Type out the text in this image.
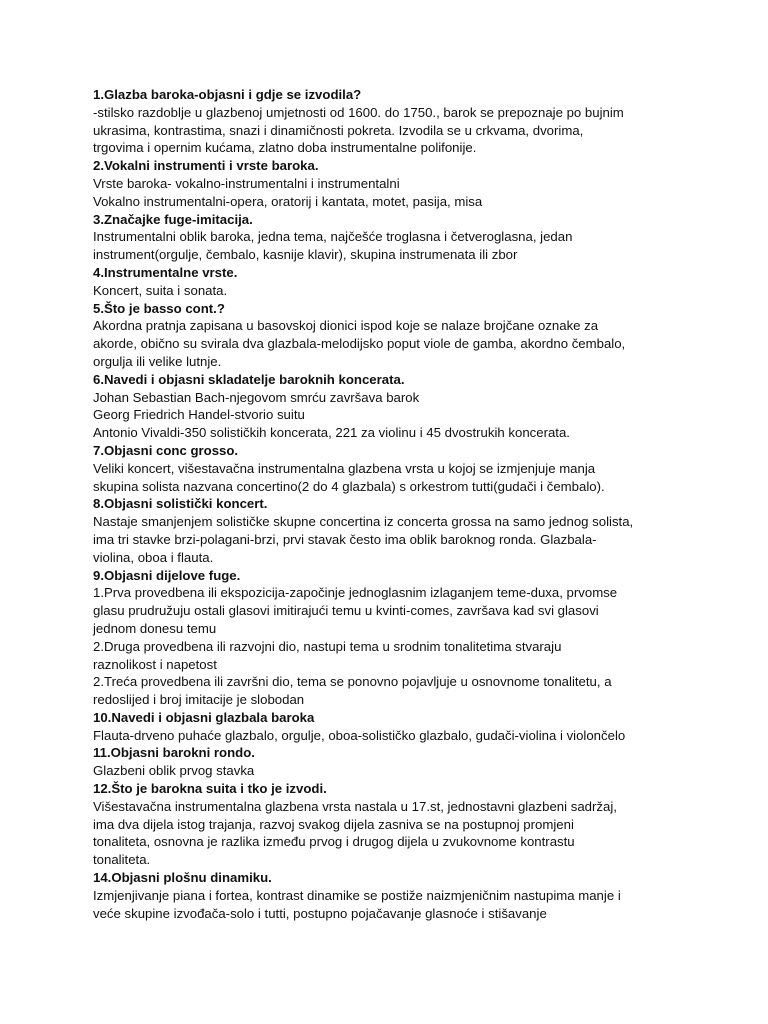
1.Glazba baroka-objasni i gdje se izvodila?
-stilsko razdoblje u glazbenoj umjetnosti od 1600. do 1750., barok se prepoznaje po bujnim
ukrasima, kontrastima, snazi i dinamičnosti pokreta. Izvodila se u crkvama, dvorima,
trgovima i opernim kućama, zlatno doba instrumentalne polifonije.
2.Vokalni instrumenti i vrste baroka.
Vrste baroka- vokalno-instrumentalni i instrumentalni
Vokalno instrumentalni-opera, oratorij i kantata, motet, pasija, misa
3.Značajke fuge-imitacija.
Instrumentalni oblik baroka, jedna tema, najčešće troglasna i četveroglasna, jedan
instrument(orgulje, čembalo, kasnije klavir), skupina instrumenata ili zbor
4.Instrumentalne vrste.
Koncert, suita i sonata.
5.Što je basso cont.?
Akordna pratnja zapisana u basovskoj dionici ispod koje se nalaze brojčane oznake za
akorde, obično su svirala dva glazbala-melodijsko poput viole de gamba, akordno čembalo,
orgulja ili velike lutnje.
6.Navedi i objasni skladatelje baroknih koncerata.
Johan Sebastian Bach-njegovom smrću završava barok
Georg Friedrich Handel-stvorio suitu
Antonio Vivaldi-350 solističkih koncerata, 221 za violinu i 45 dvostrukih koncerata.
7.Objasni conc grosso.
Veliki koncert, višestavačna instrumentalna glazbena vrsta u kojoj se izmjenjuje manja
skupina solista nazvana concertino(2 do 4 glazbala) s orkestrom tutti(gudači i čembalo).
8.Objasni solistički koncert.
Nastaje smanjenjem solističke skupne concertina iz concerta grossa na samo jednog solista,
ima tri stavke brzi-polagani-brzi, prvi stavak često ima oblik baroknog ronda. Glazbala-
violina, oboa i flauta.
9.Objasni dijelove fuge.
1.Prva provedbena ili ekspozicija-započinje jednoglasnim izlaganjem teme-duxa, prvomse
glasu prudružuju ostali glasovi imitirajući temu u kvinti-comes, završava kad svi glasovi
jednom donesu temu
2.Druga provedbena ili razvojni dio, nastupi tema u srodnim tonalitetima stvaraju
raznolikost i napetost
2.Treća provedbena ili završni dio, tema se ponovno pojavljuje u osnovnome tonalitetu, a
redoslijed i broj imitacije je slobodan
10.Navedi i objasni glazbala baroka
Flauta-drveno puhaće glazbalo, orgulje, oboa-solističko glazbalo, gudači-violina i violončelo
11.Objasni barokni rondo.
Glazbeni oblik prvog stavka
12.Što je barokna suita i tko je izvodi.
Višestavačna instrumentalna glazbena vrsta nastala u 17.st, jednostavni glazbeni sadržaj,
ima dva dijela istog trajanja, razvoj svakog dijela zasniva se na postupnoj promjeni
tonaliteta, osnovna je razlika između prvog i drugog dijela u zvukovnome kontrastu
tonaliteta.
14.Objasni plošnu dinamiku.
Izmjenjivanje piana i fortea, kontrast dinamike se postiže naizmjeničnim nastupima manje i
veće skupine izvođača-solo i tutti, postupno pojačavanje glasnoće i stišavanje
